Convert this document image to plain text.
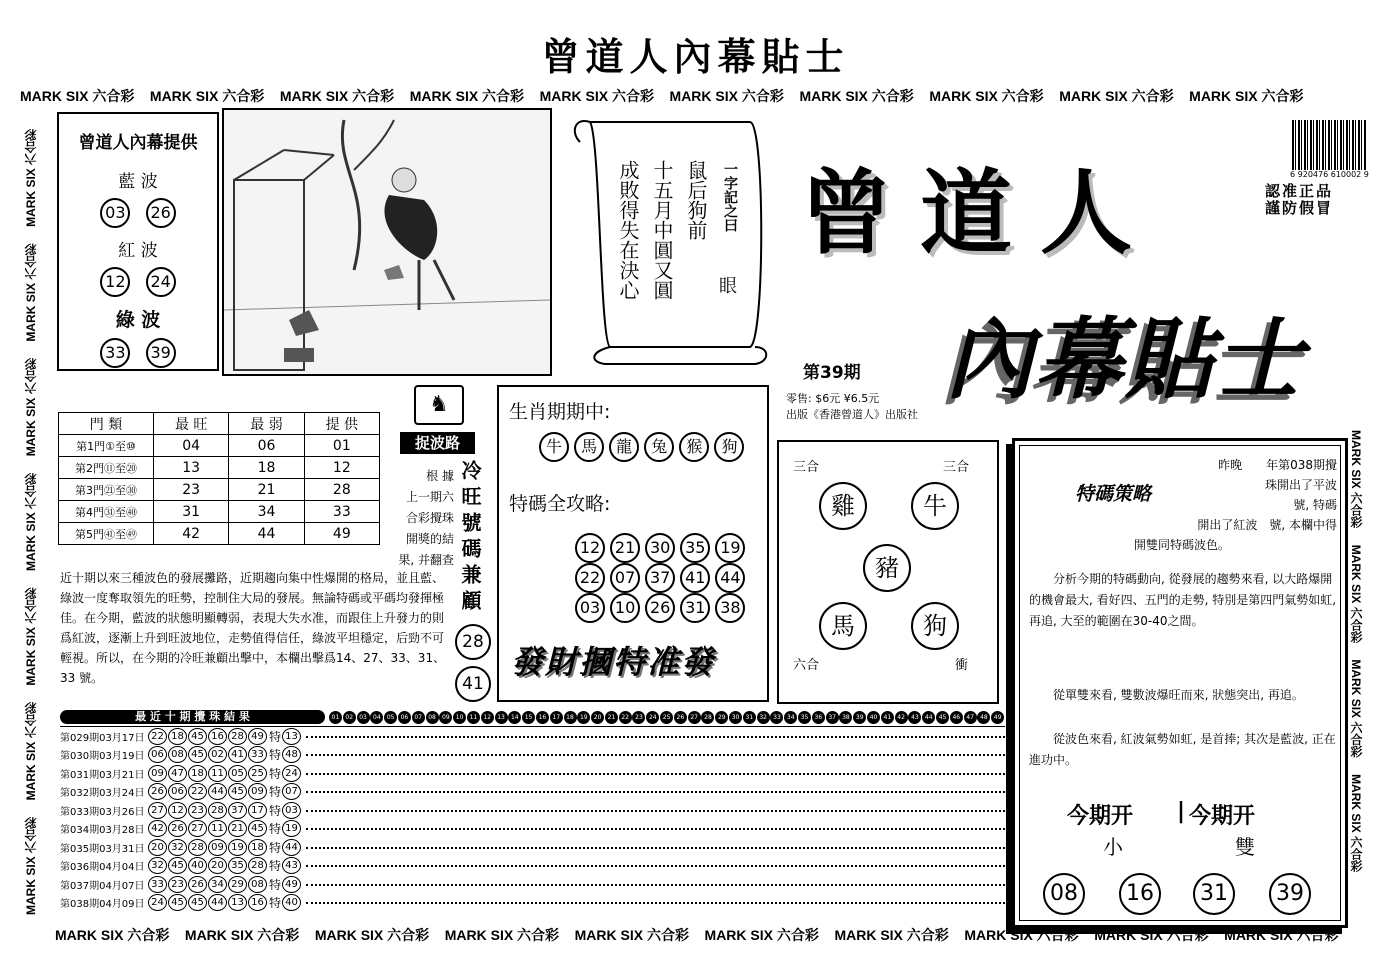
曾道人內幕貼士
MARK SIX 六合彩 MARK SIX 六合彩 MARK SIX 六合彩 MARK SIX 六合彩 MARK SIX 六合彩 MARK SIX 六合彩 MARK SIX 六合彩 MARK SIX 六合彩 MARK SIX 六合彩 MARK SIX 六合彩
MARK SIX 六合彩 MARK SIX 六合彩 MARK SIX 六合彩 MARK SIX 六合彩 MARK SIX 六合彩 MARK SIX 六合彩 MARK SIX 六合彩 MARK SIX 六合彩 MARK SIX 六合彩 MARK SIX 六合彩
MARK SIX 六合彩     MARK SIX 六合彩     MARK SIX 六合彩     MARK SIX 六合彩     MARK SIX 六合彩     MARK SIX 六合彩     MARK SIX 六合彩
MARK SIX 六合彩     MARK SIX 六合彩     MARK SIX 六合彩     MARK SIX 六合彩
曾道人內幕提供
藍 波
03 26
紅 波
12 24
綠 波
33 39
一字記之曰
眼
鼠后狗前
十五月中圓又圓
成敗得失在決心 曾道人
內幕貼士
6 920476 610002 9
認准正品
謹防假冒
第39期
零售: $6元 ¥6.5元
出版《香港曾道人》出版社
門 類	最 旺	最 弱	提 供
第1門①至⑩	04	06	01
第2門⑪至⑳	13	18	12
第3門㉑至㉚	23	21	28
第4門㉛至㊵	31	34	33
第5門㊶至㊾	42	44	49
♞
捉波路
根 據
上一期六
合彩攪珠
開獎的結
果, 并翻查 冷旺號碼兼顧
28
41
近十期以來三種波色的發展攤路，近期趨向集中性爆開的格局，並且藍、綠波一度奪取領先的旺勢，控制住大局的發展。無論特碼或平碼均發揮極佳。在今期，藍波的狀態明顯轉弱，表現大失水准，而跟住上升發力的則爲紅波，逐漸上升到旺波地位，走勢值得信任，綠波平坦穩定，后勁不可輕視。所以，在今期的冷旺兼顧出擊中，本欄出擊爲14、27、33、31、33 號。
生肖期期中:
牛 馬 龍 兔 猴 狗
特碼全攻略:
12 21 30 35 19
22 07 37 41 44
03 10 26 31 38
發財摑特准發
三合	三合
六合	衝
雞	牛
豬
馬	狗
特碼策略
昨晚　　年第038期攪
珠開出了平波　　
號, 特碼
開出了紅波　號, 本欄中得
開雙同特碼波色。
分析今期的特碼動向, 從發展的趨勢來看, 以大路爆開的機會最大, 看好四、五門的走勢, 特別是第四門氣勢如虹, 再追, 大至的範圍在30-40之間。
從單雙來看, 雙數波爆旺而來, 狀態突出, 再追。
從波色來看, 紅波氣勢如虹, 是首捧; 其次是藍波, 正在進功中。
今期开 | 今期开
小	雙
08	16	31	39
最 近 十 期 攪 珠 結 果	01	02	03	04	05	06	07	08	09	10	11	12	13	14	15	16	17	18	19	20	21	22	23	24	25	26	27	28	29	30	31	32	33	34	35	36	37	38	39	40	41	42	43	44	45	46	47	48	49
第029期03月17日 22 18 45 16 28 49 特 13
第030期03月19日 06 08 45 02 41 33 特 48
第031期03月21日 09 47 18 11 05 25 特 24
第032期03月24日 26 06 22 44 45 09 特 07
第033期03月26日 27 12 23 28 37 17 特 03
第034期03月28日 42 26 27 11 21 45 特 19
第035期03月31日 20 32 28 09 19 18 特 44
第036期04月04日 32 45 40 20 35 28 特 43
第037期04月07日 33 23 26 34 29 08 特 49
第038期04月09日 24 45 45 44 13 16 特 40
